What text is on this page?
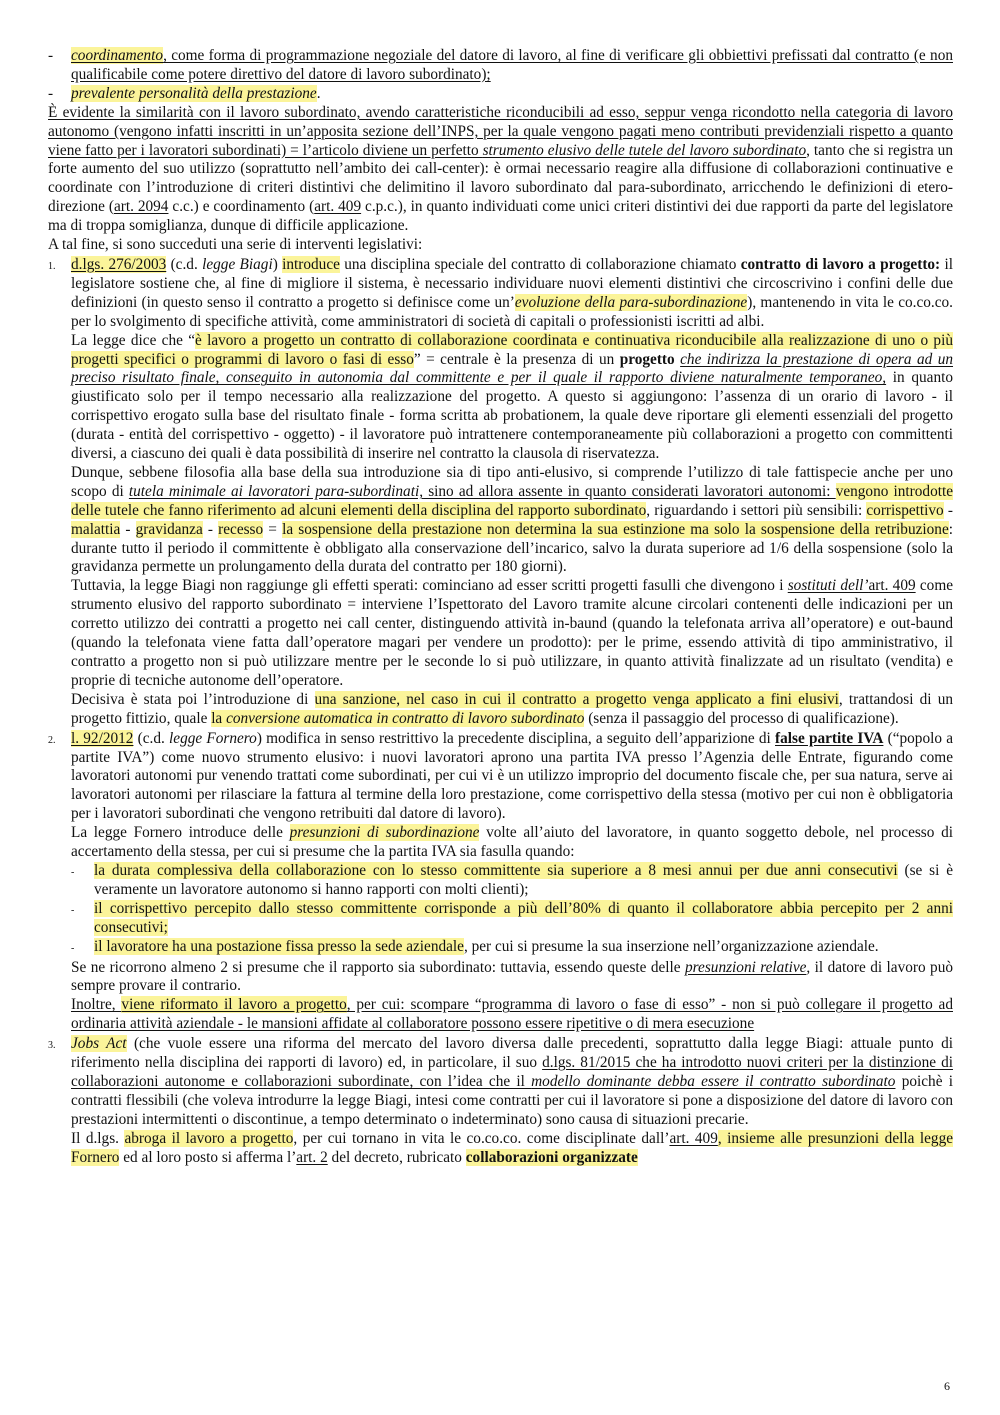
-	coordinamento, come forma di programmazione negoziale del datore di lavoro, al fine di verificare gli obbiettivi prefissati dal contratto (e non qualificabile come potere direttivo del datore di lavoro subordinato);
-	prevalente personalità della prestazione.
È evidente la similarità con il lavoro subordinato, avendo caratteristiche riconducibili ad esso, seppur venga ricondotto nella categoria di lavoro autonomo (vengono infatti inscritti in un’apposita sezione dell’INPS, per la quale vengono pagati meno contributi previdenziali rispetto a quanto viene fatto per i lavoratori subordinati) = l’articolo diviene un perfetto strumento elusivo delle tutele del lavoro subordinato, tanto che si registra un forte aumento del suo utilizzo (soprattutto nell’ambito dei call-center): è ormai necessario reagire alla diffusione di collaborazioni continuative e coordinate con l’introduzione di criteri distintivi che delimitino il lavoro subordinato dal para-subordinato, arricchendo le definizioni di etero-direzione (art. 2094 c.c.) e coordinamento (art. 409 c.p.c.), in quanto individuati come unici criteri distintivi dei due rapporti da parte del legislatore ma di troppa somiglianza, dunque di difficile applicazione.
A tal fine, si sono succeduti una serie di interventi legislativi:
1.	d.lgs. 276/2003 (c.d. legge Biagi) introduce una disciplina speciale del contratto di collaborazione chiamato contratto di lavoro a progetto: il legislatore sostiene che, al fine di migliore il sistema, è necessario individuare nuovi elementi distintivi che circoscrivino i confini delle due definizioni (in questo senso il contratto a progetto si definisce come un’evoluzione della para-subordinazione), mantenendo in vita le co.co.co. per lo svolgimento di specifiche attività, come amministratori di società di capitali o professionisti iscritti ad albi.
La legge dice che “è lavoro a progetto un contratto di collaborazione coordinata e continuativa riconducibile alla realizzazione di uno o più progetti specifici o programmi di lavoro o fasi di esso” = centrale è la presenza di un progetto che indirizza la prestazione di opera ad un preciso risultato finale, conseguito in autonomia dal committente e per il quale il rapporto diviene naturalmente temporaneo, in quanto giustificato solo per il tempo necessario alla realizzazione del progetto. A questo si aggiungono: l’assenza di un orario di lavoro - il corrispettivo erogato sulla base del risultato finale - forma scritta ab probationem, la quale deve riportare gli elementi essenziali del progetto (durata - entità del corrispettivo - oggetto) - il lavoratore può intrattenere contemporaneamente più collaborazioni a progetto con committenti diversi, a ciascuno dei quali è data possibilità di inserire nel contratto la clausola di riservatezza.
Dunque, sebbene filosofia alla base della sua introduzione sia di tipo anti-elusivo, si comprende l’utilizzo di tale fattispecie anche per uno scopo di tutela minimale ai lavoratori para-subordinati, sino ad allora assente in quanto considerati lavoratori autonomi: vengono introdotte delle tutele che fanno riferimento ad alcuni elementi della disciplina del rapporto subordinato, riguardando i settori più sensibili: corrispettivo - malattia - gravidanza - recesso = la sospensione della prestazione non determina la sua estinzione ma solo la sospensione della retribuzione: durante tutto il periodo il committente è obbligato alla conservazione dell’incarico, salvo la durata superiore ad 1/6 della sospensione (solo la gravidanza permette un prolungamento della durata del contratto per 180 giorni).
Tuttavia, la legge Biagi non raggiunge gli effetti sperati: cominciano ad esser scritti progetti fasulli che divengono i sostituti dell’art. 409 come strumento elusivo del rapporto subordinato = interviene l’Ispettorato del Lavoro tramite alcune circolari contenenti delle indicazioni per un corretto utilizzo dei contratti a progetto nei call center, distinguendo attività in-baund (quando la telefonata arriva all’operatore) e out-baund (quando la telefonata viene fatta dall’operatore magari per vendere un prodotto): per le prime, essendo attività di tipo amministrativo, il contratto a progetto non si può utilizzare mentre per le seconde lo si può utilizzare, in quanto attività finalizzate ad un risultato (vendita) e proprie di tecniche autonome dell’operatore.
Decisiva è stata poi l’introduzione di una sanzione, nel caso in cui il contratto a progetto venga applicato a fini elusivi, trattandosi di un progetto fittizio, quale la conversione automatica in contratto di lavoro subordinato (senza il passaggio del processo di qualificazione).
2.	l. 92/2012 (c.d. legge Fornero) modifica in senso restrittivo la precedente disciplina, a seguito dell’apparizione di false partite IVA (“popolo a partite IVA”) come nuovo strumento elusivo: i nuovi lavoratori aprono una partita IVA presso l’Agenzia delle Entrate, figurando come lavoratori autonomi pur venendo trattati come subordinati, per cui vi è un utilizzo improprio del documento fiscale che, per sua natura, serve ai lavoratori autonomi per rilasciare la fattura al termine della loro prestazione, come corrispettivo della stessa (motivo per cui non è obbligatoria per i lavoratori subordinati che vengono retribuiti dal datore di lavoro).
La legge Fornero introduce delle presunzioni di subordinazione volte all’aiuto del lavoratore, in quanto soggetto debole, nel processo di accertamento della stessa, per cui si presume che la partita IVA sia fasulla quando:
-	la durata complessiva della collaborazione con lo stesso committente sia superiore a 8 mesi annui per due anni consecutivi (se si è veramente un lavoratore autonomo si hanno rapporti con molti clienti);
-	il corrispettivo percepito dallo stesso committente corrisponde a più dell’80% di quanto il collaboratore abbia percepito per 2 anni consecutivi;
-	il lavoratore ha una postazione fissa presso la sede aziendale, per cui si presume la sua inserzione nell’organizzazione aziendale.
Se ne ricorrono almeno 2 si presume che il rapporto sia subordinato: tuttavia, essendo queste delle presunzioni relative, il datore di lavoro può sempre provare il contrario.
Inoltre, viene riformato il lavoro a progetto, per cui: scompare “programma di lavoro o fase di esso” - non si può collegare il progetto ad ordinaria attività aziendale - le mansioni affidate al collaboratore possono essere ripetitive o di mera esecuzione
3.	Jobs Act (che vuole essere una riforma del mercato del lavoro diversa dalle precedenti, soprattutto dalla legge Biagi: attuale punto di riferimento nella disciplina dei rapporti di lavoro) ed, in particolare, il suo d.lgs. 81/2015 che ha introdotto nuovi criteri per la distinzione di collaborazioni autonome e collaborazioni subordinate, con l’idea che il modello dominante debba essere il contratto subordinato poichè i contratti flessibili (che voleva introdurre la legge Biagi, intesi come contratti per cui il lavoratore si pone a disposizione del datore di lavoro con prestazioni intermittenti o discontinue, a tempo determinato o indeterminato) sono causa di situazioni precarie.
Il d.lgs. abroga il lavoro a progetto, per cui tornano in vita le co.co.co. come disciplinate dall’art. 409, insieme alle presunzioni della legge Fornero ed al loro posto si afferma l’art. 2 del decreto, rubricato collaborazioni organizzate
6
